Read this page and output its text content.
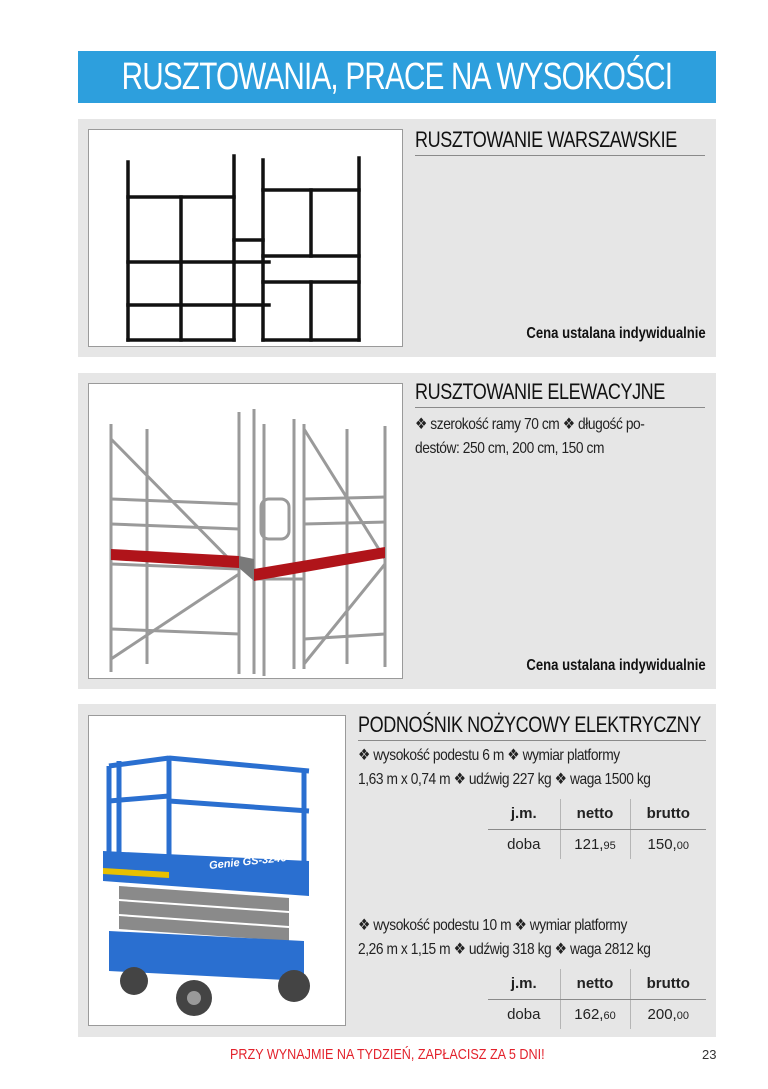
RUSZTOWANIA, PRACE NA WYSOKOŚCI
RUSZTOWANIE WARSZAWSKIE
Cena ustalana indywidualnie
RUSZTOWANIE ELEWACYJNE
❖ szerokość ramy 70 cm ❖ długość po-
destów: 250 cm, 200 cm, 150 cm
Cena ustalana indywidualnie
Genie GS-3246
PODNOŚNIK NOŻYCOWY ELEKTRYCZNY
❖ wysokość podestu 6 m ❖ wymiar platformy
1,63 m x 0,74 m ❖ udźwig 227 kg ❖ waga 1500 kg
j.m.	netto	brutto
doba	121,95	150,00
❖ wysokość podestu 10 m ❖ wymiar platformy
2,26 m x 1,15 m ❖ udźwig 318 kg ❖ waga 2812 kg
j.m.	netto	brutto
doba	162,60	200,00
PRZY WYNAJMIE NA TYDZIEŃ, ZAPŁACISZ ZA 5 DNI!	23
